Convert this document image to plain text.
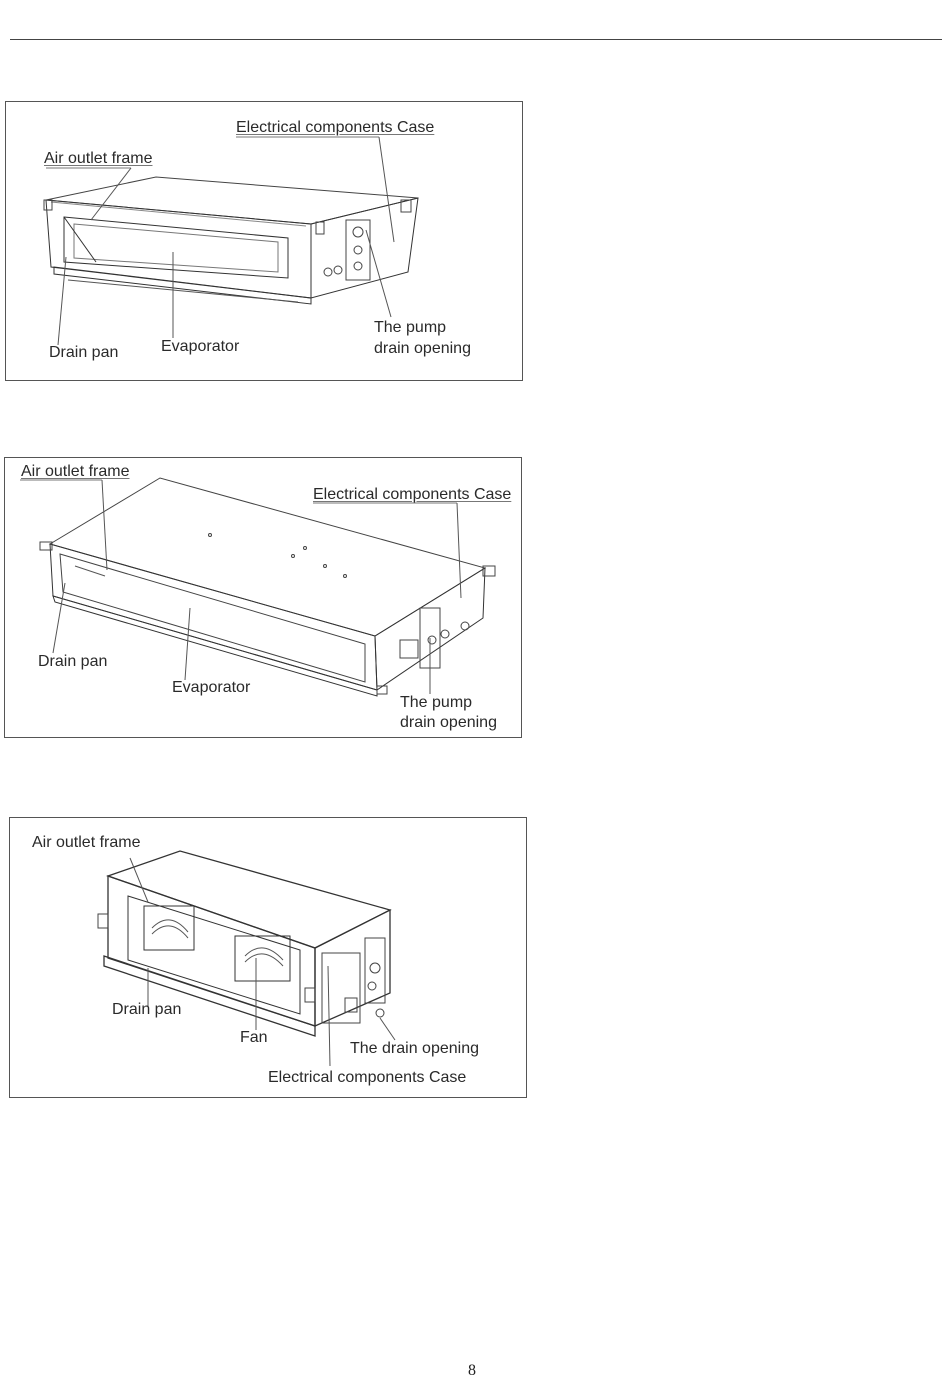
Electrical components Case
Air outlet frame
Drain pan	Evaporator
The pump
drain opening
Air outlet frame
Electrical components Case
Drain pan
Evaporator
The pump
drain opening
Air outlet frame
Drain pan
Fan
The drain opening
Electrical components Case
8
